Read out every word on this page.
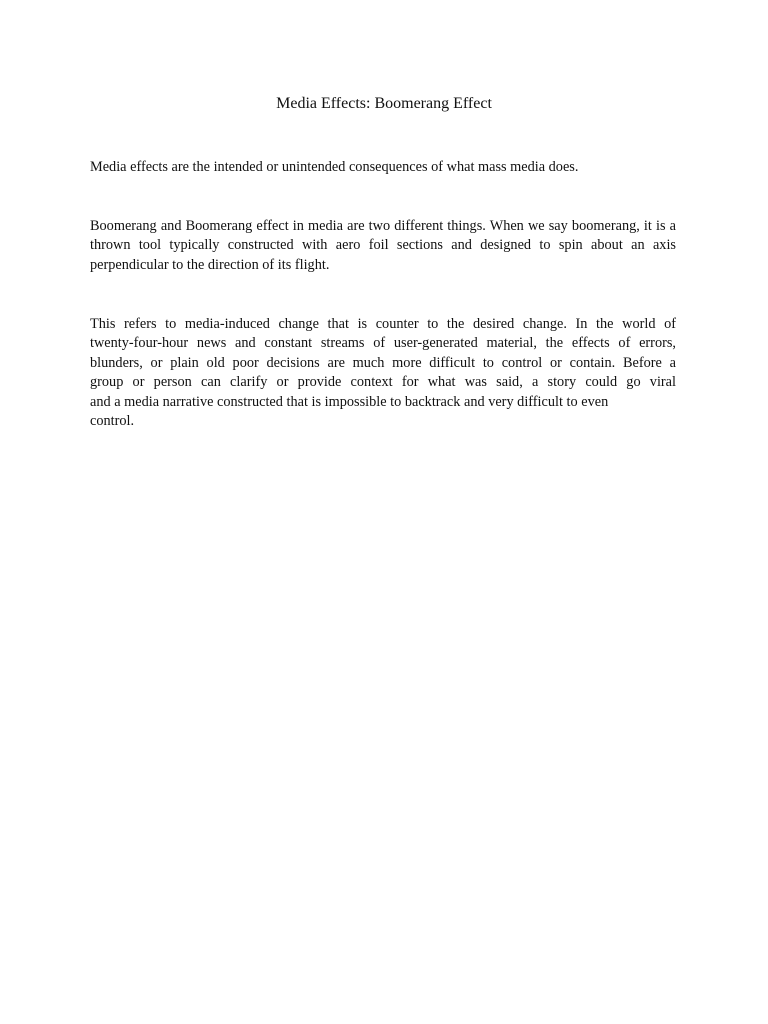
Media Effects: Boomerang Effect

Media effects are the intended or unintended consequences of what mass media does.

Boomerang and Boomerang effect in media are two different things. When we say boomerang, it is a thrown tool typically constructed with aero foil sections and designed to spin about an axis perpendicular to the direction of its flight.

This refers to media-induced change that is counter to the desired change. In the world of
twenty-four-hour news and constant streams of user-generated material, the effects of errors,
blunders, or plain old poor decisions are much more difficult to control or contain. Before a
group or person can clarify or provide context for what was said, a story could go viral
and a media narrative constructed that is impossible to backtrack and very difficult to even
control.
